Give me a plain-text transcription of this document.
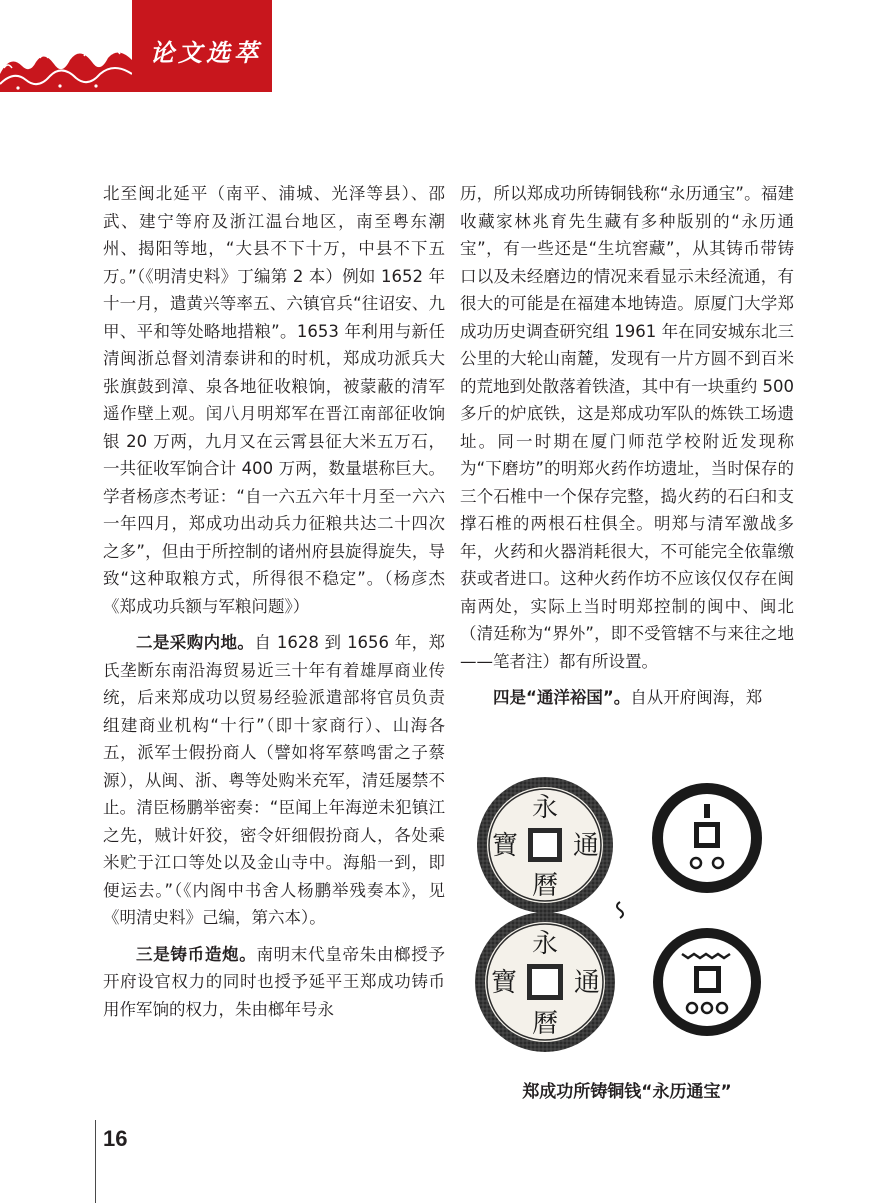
论文选萃

北至闽北延平（南平、浦城、光泽等县）、邵武、建宁等府及浙江温台地区，南至粤东潮州、揭阳等地，“大县不下十万，中县不下五万。”（《明清史料》丁编第 2 本）例如 1652 年十一月，遣黄兴等率五、六镇官兵“往诏安、九甲、平和等处略地措粮”。1653 年利用与新任清闽浙总督刘清泰讲和的时机，郑成功派兵大张旗鼓到漳、泉各地征收粮饷，被蒙蔽的清军遥作壁上观。闰八月明郑军在晋江南部征收饷银 20 万两，九月又在云霄县征大米五万石，一共征收军饷合计 400 万两，数量堪称巨大。学者杨彦杰考证：“自一六五六年十月至一六六一年四月，郑成功出动兵力征粮共达二十四次之多”，但由于所控制的诸州府县旋得旋失，导致“这种取粮方式，所得很不稳定”。（杨彦杰《郑成功兵额与军粮问题》）

二是采购内地。自 1628 到 1656 年，郑氏垄断东南沿海贸易近三十年有着雄厚商业传统，后来郑成功以贸易经验派遣部将官员负责组建商业机构“十行”（即十家商行）、山海各五，派军士假扮商人（譬如将军蔡鸣雷之子蔡源），从闽、浙、粤等处购米充军，清廷屡禁不止。清臣杨鹏举密奏：“臣闻上年海逆未犯镇江之先，贼计奸狡，密令奸细假扮商人，各处乘米贮于江口等处以及金山寺中。海船一到，即便运去。”（《内阁中书舍人杨鹏举残奏本》，见《明清史料》己编，第六本）。

三是铸币造炮。南明末代皇帝朱由榔授予开府设官权力的同时也授予延平王郑成功铸币用作军饷的权力，朱由榔年号永

历，所以郑成功所铸铜钱称“永历通宝”。福建收藏家林兆育先生藏有多种版别的“永历通宝”，有一些还是“生坑窖藏”，从其铸币带铸口以及未经磨边的情况来看显示未经流通，有很大的可能是在福建本地铸造。原厦门大学郑成功历史调查研究组 1961 年在同安城东北三公里的大轮山南麓，发现有一片方圆不到百米的荒地到处散落着铁渣，其中有一块重约 500 多斤的炉底铁，这是郑成功军队的炼铁工场遗址。同一时期在厦门师范学校附近发现称为“下磨坊”的明郑火药作坊遗址，当时保存的三个石椎中一个保存完整，捣火药的石臼和支撑石椎的两根石柱俱全。明郑与清军激战多年，火药和火器消耗很大，不可能完全依靠缴获或者进口。这种火药作坊不应该仅仅存在闽南两处，实际上当时明郑控制的闽中、闽北（清廷称为“界外”，即不受管辖不与来往之地——笔者注）都有所设置。

四是“通洋裕国”。自从开府闽海，郑

永
曆
通
寶
永
曆
通
寶
郑成功所铸铜钱“永历通宝”
16
